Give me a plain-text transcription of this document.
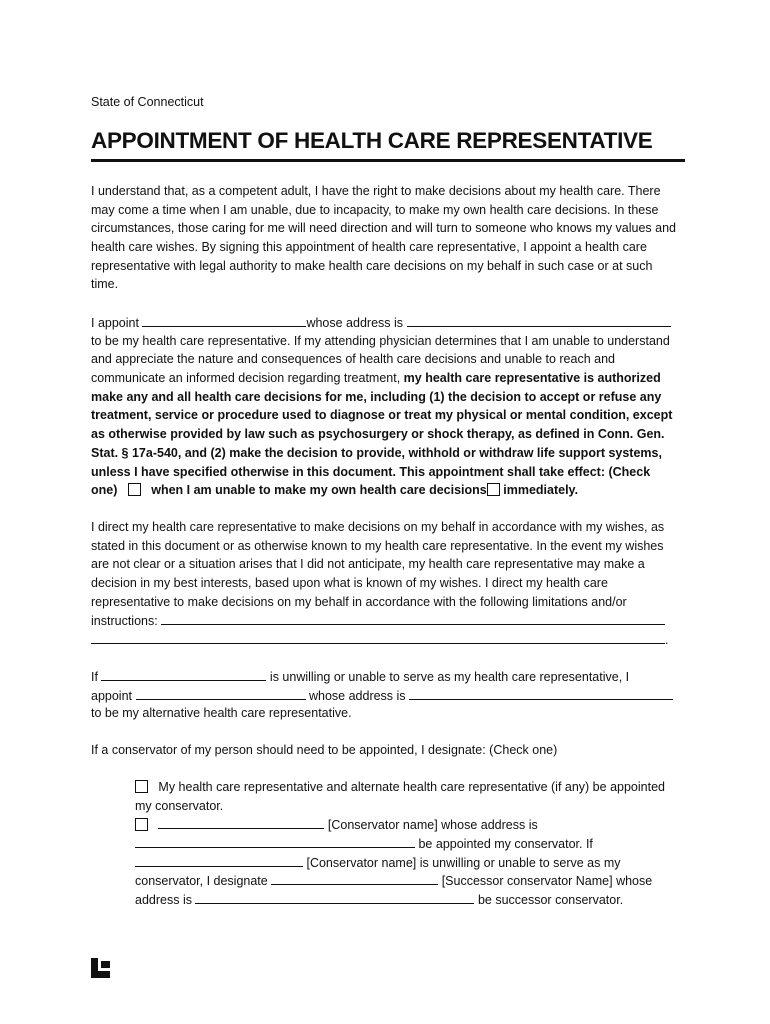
State of Connecticut
APPOINTMENT OF HEALTH CARE REPRESENTATIVE
I understand that, as a competent adult, I have the right to make decisions about my health care. There
may come a time when I am unable, due to incapacity, to make my own health care decisions. In these
circumstances, those caring for me will need direction and will turn to someone who knows my values and
health care wishes. By signing this appointment of health care representative, I appoint a health care
representative with legal authority to make health care decisions on my behalf in such case or at such
time.
I appoint	whose address is
to be my health care representative. If my attending physician determines that I am unable to understand
and appreciate the nature and consequences of health care decisions and unable to reach and
communicate an informed decision regarding treatment, my health care representative is authorized
make any and all health care decisions for me, including (1) the decision to accept or refuse any
treatment, service or procedure used to diagnose or treat my physical or mental condition, except
as otherwise provided by law such as psychosurgery or shock therapy, as defined in Conn. Gen.
Stat. § 17a-540, and (2) make the decision to provide, withhold or withdraw life support systems,
unless I have specified otherwise in this document. This appointment shall take effect: (Check
one)	when I am unable to make my own health care decisions immediately.
I direct my health care representative to make decisions on my behalf in accordance with my wishes, as
stated in this document or as otherwise known to my health care representative. In the event my wishes
are not clear or a situation arises that I did not anticipate, my health care representative may make a
decision in my best interests, based upon what is known of my wishes. I direct my health care
representative to make decisions on my behalf in accordance with the following limitations and/or
instructions:
.
If	is unwilling or unable to serve as my health care representative, I
appoint	whose address is
to be my alternative health care representative.
If a conservator of my person should need to be appointed, I designate: (Check one)
My health care representative and alternate health care representative (if any) be appointed
my conservator.
[Conservator name] whose address is
be appointed my conservator. If
[Conservator name] is unwilling or unable to serve as my
conservator, I designate	[Successor conservator Name] whose
address is	be successor conservator.
